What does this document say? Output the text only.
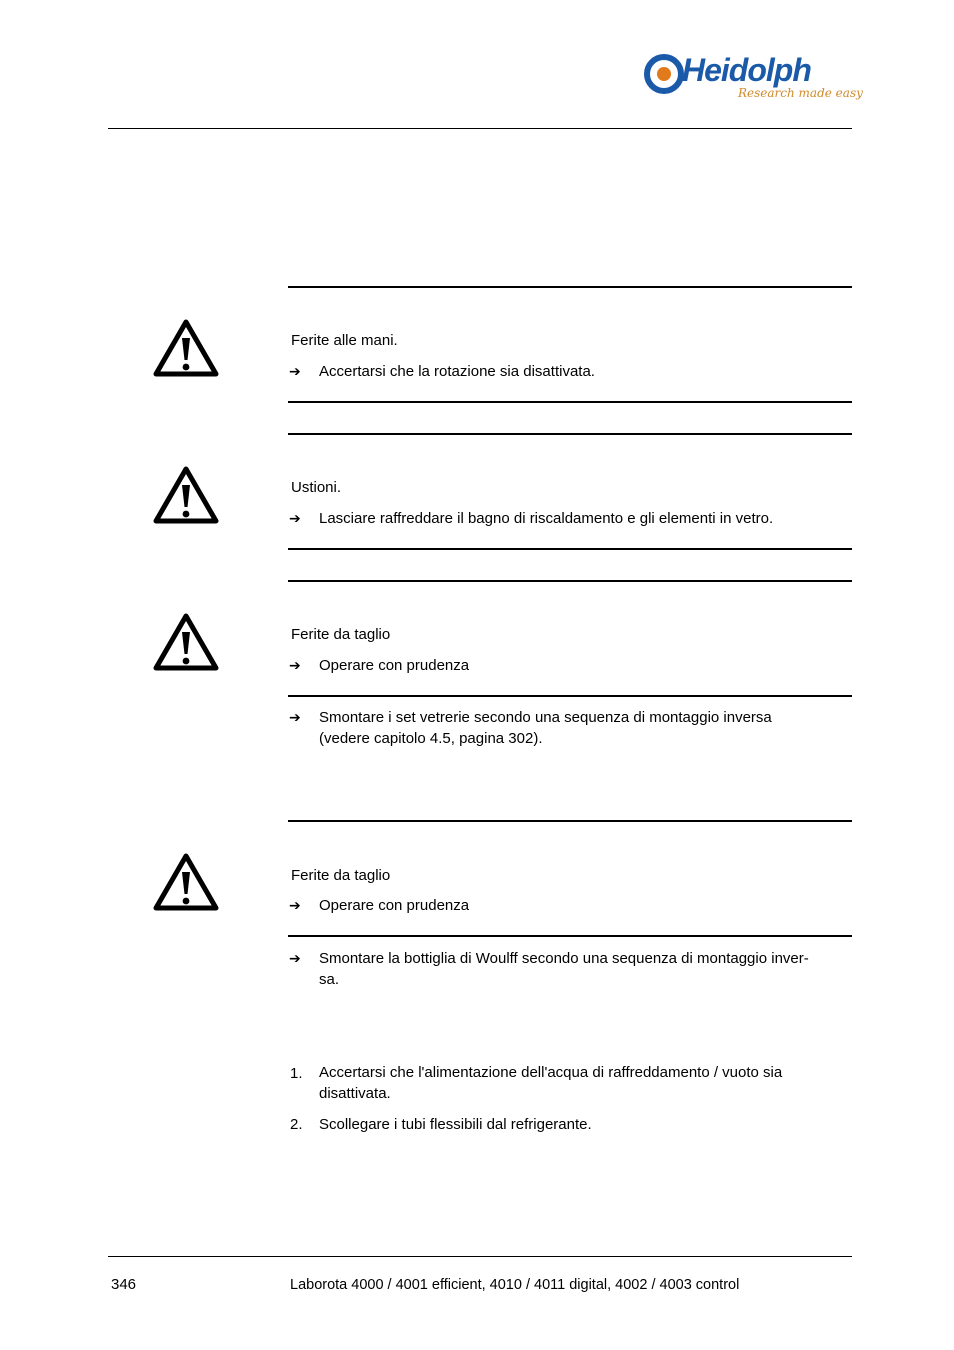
Heidolph
Research made easy
Ferite alle mani.
➔ Accertarsi che la rotazione sia disattivata.
Ustioni.
➔ Lasciare raffreddare il bagno di riscaldamento e gli elementi in vetro.
Ferite da taglio
➔ Operare con prudenza
➔ Smontare i set vetrerie secondo una sequenza di montaggio inversa
(vedere capitolo 4.5, pagina 302).
Ferite da taglio
➔ Operare con prudenza
➔ Smontare la bottiglia di Woulff secondo una sequenza di montaggio inver-
sa.
1. Accertarsi che l'alimentazione dell'acqua di raffreddamento / vuoto sia
disattivata.
2. Scollegare i tubi flessibili dal refrigerante.
346	Laborota 4000 / 4001 efficient, 4010 / 4011 digital, 4002 / 4003 control
